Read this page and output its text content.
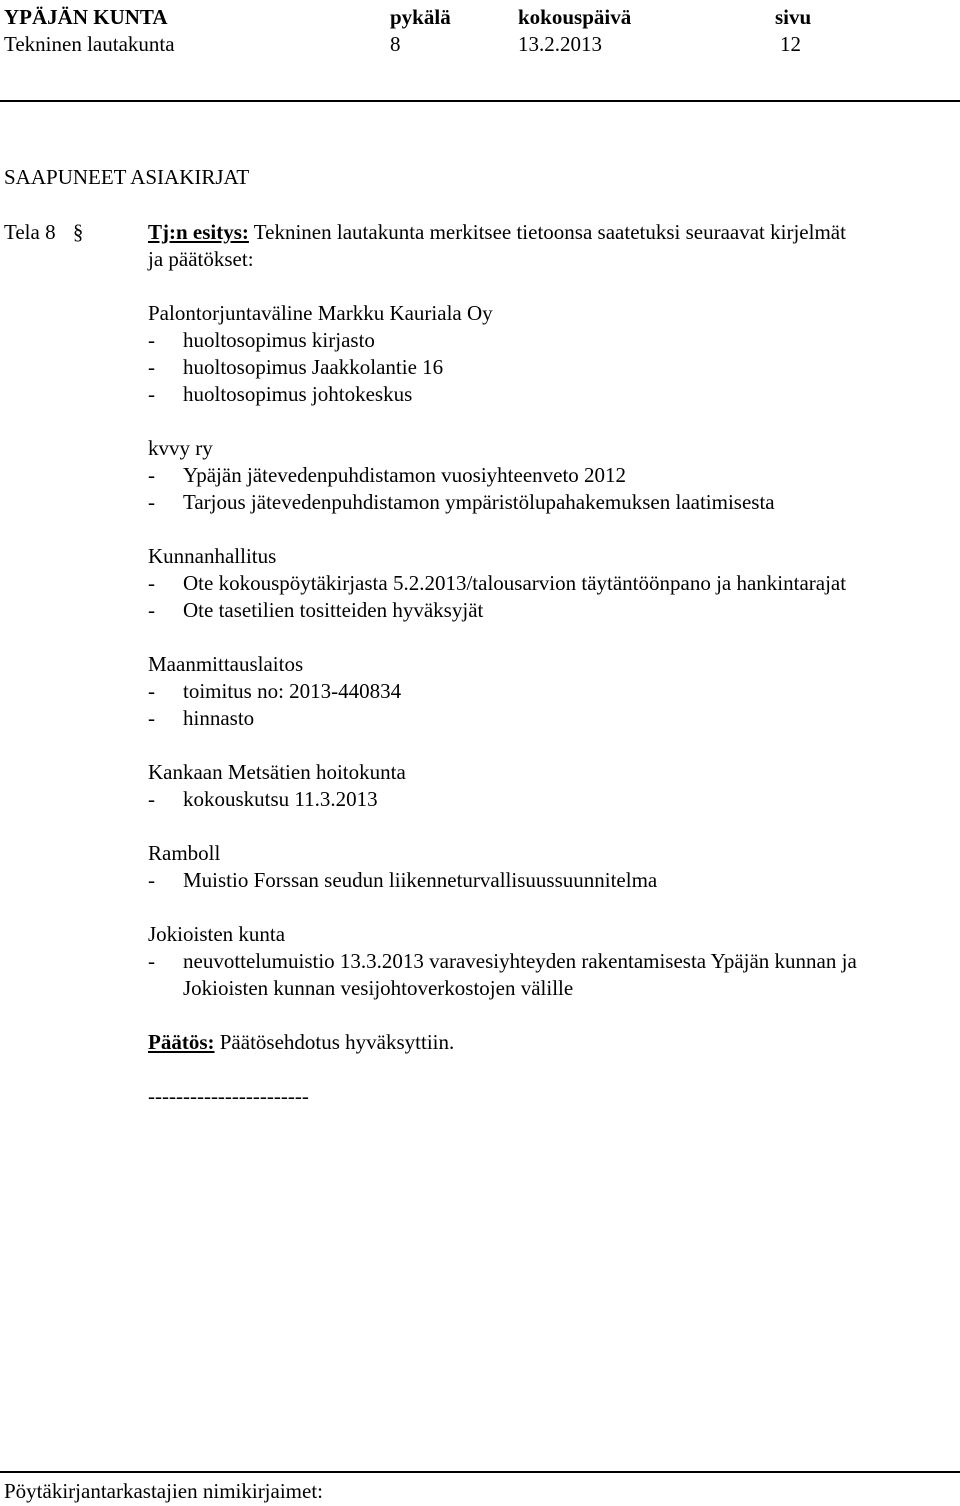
YPÄJÄN KUNTA	pykälä	kokouspäivä	sivu
Tekninen lautakunta	8	13.2.2013	12
SAAPUNEET ASIAKIRJAT
Tela 8 §	Tj:n esitys: Tekninen lautakunta merkitsee tietoonsa saatetuksi seuraavat kirjelmät
ja päätökset:
Palontorjuntaväline Markku Kauriala Oy
- huoltosopimus kirjasto
- huoltosopimus Jaakkolantie 16
- huoltosopimus johtokeskus
kvvy ry
- Ypäjän jätevedenpuhdistamon vuosiyhteenveto 2012
- Tarjous jätevedenpuhdistamon ympäristölupahakemuksen laatimisesta
Kunnanhallitus
- Ote kokouspöytäkirjasta 5.2.2013/talousarvion täytäntöönpano ja hankintarajat
- Ote tasetilien tositteiden hyväksyjät
Maanmittauslaitos
- toimitus no: 2013-440834
- hinnasto
Kankaan Metsätien hoitokunta
- kokouskutsu 11.3.2013
Ramboll
- Muistio Forssan seudun liikenneturvallisuussuunnitelma
Jokioisten kunta
- neuvottelumuistio 13.3.2013 varavesiyhteyden rakentamisesta Ypäjän kunnan ja
Jokioisten kunnan vesijohtoverkostojen välille
Päätös: Päätösehdotus hyväksyttiin.
-----------------------
Pöytäkirjantarkastajien nimikirjaimet:
